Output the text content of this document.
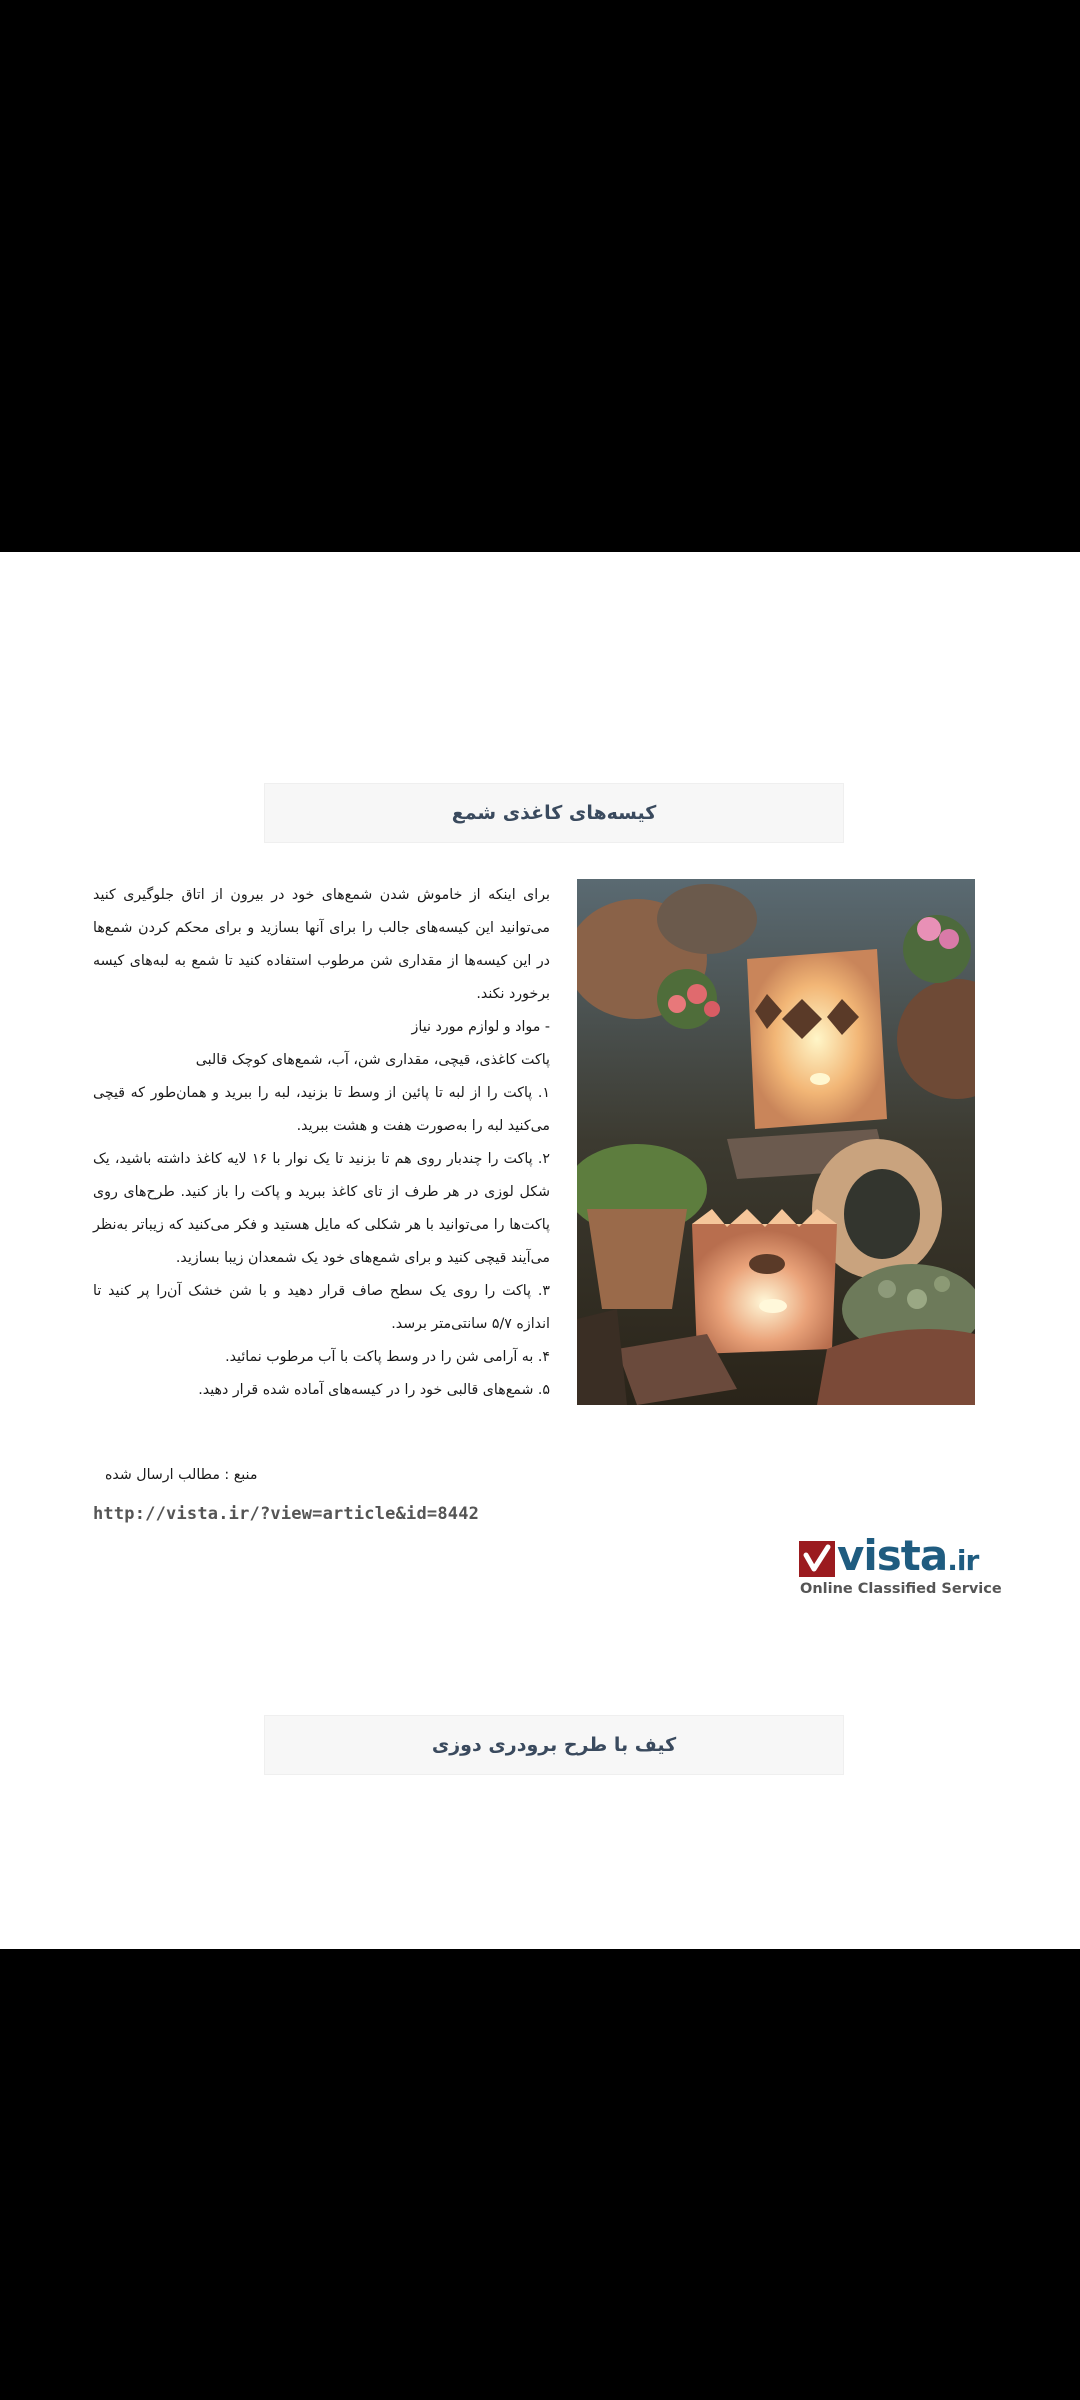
کیسه‌های کاغذی شمع

برای اینکه از خاموش شدن شمع‌های خود در بیرون از اتاق جلوگیری کنید می‌توانید این کیسه‌های جالب را برای آنها بسازید و برای محکم کردن شمع‌ها در این کیسه‌ها از مقداری شن مرطوب استفاده کنید تا شمع به لبه‌های کیسه برخورد نکند.

- مواد و لوازم مورد نیاز

پاکت کاغذی، قیچی، مقداری شن، آب، شمع‌های کوچک قالبی

۱. پاکت را از لبه تا پائین از وسط تا بزنید، لبه را ببرید و همان‌طور که قیچی می‌کنید لبه را به‌صورت هفت و هشت ببرید.

۲. پاکت را چندبار روی هم تا بزنید تا یک نوار با ۱۶ لایه کاغذ داشته باشید، یک شکل لوزی در هر طرف از تای کاغذ ببرید و پاکت را باز کنید. طرح‌های روی پاکت‌ها را می‌توانید با هر شکلی که مایل هستید و فکر می‌کنید که زیباتر به‌نظر می‌آیند قیچی کنید و برای شمع‌های خود یک شمعدان زیبا بسازید.

۳. پاکت را روی یک سطح صاف قرار دهید و با شن خشک آن‌را پر کنید تا اندازه ۵/۷ سانتی‌متر برسد.

۴. به آرامی شن را در وسط پاکت با آب مرطوب نمائید.

۵. شمع‌های قالبی خود را در کیسه‌های آماده شده قرار دهید.

منبع : مطالب ارسال شده
http://vista.ir/?view=article&id=8442
vista.ir
Online Classified Service
کیف با طرح برودری دوزی
